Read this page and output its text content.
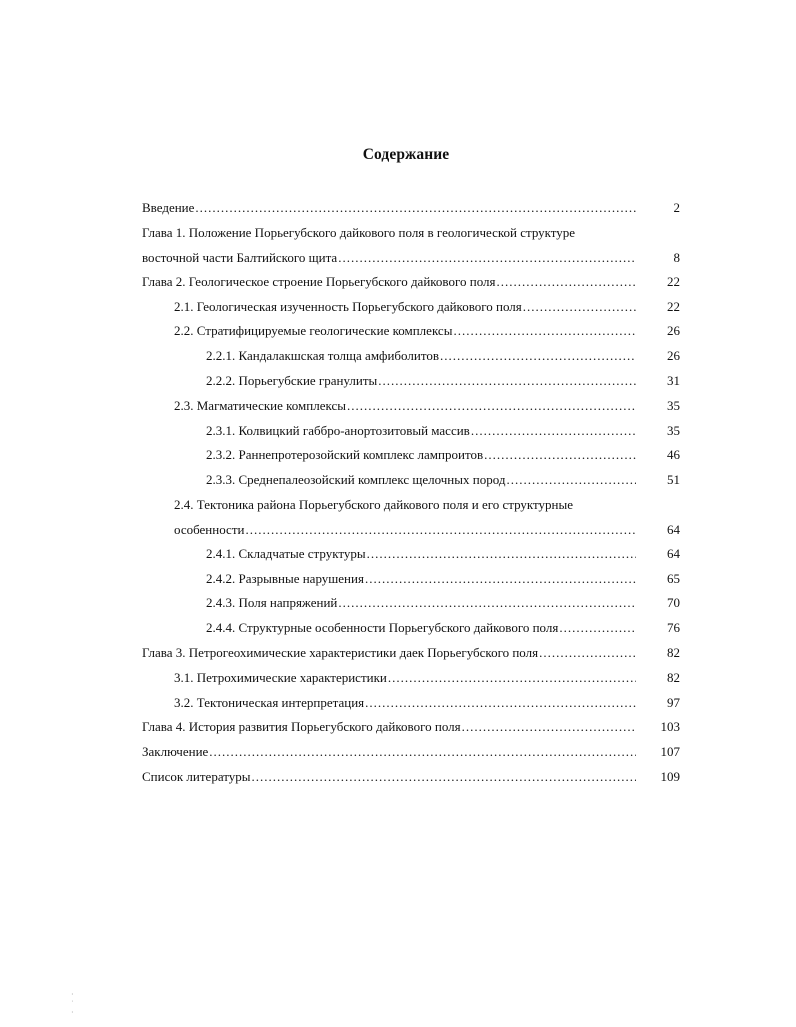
Содержание
Введение .....	2
Глава 1. Положение Порьегубского дайкового поля в геологической структуре
восточной части Балтийского щита .....	8
Глава 2. Геологическое строение Порьегубского дайкового поля .....	22
2.1. Геологическая изученность Порьегубского дайкового поля .....	22
2.2. Стратифицируемые геологические комплексы .....	26
2.2.1. Кандалакшская толща амфиболитов .....	26
2.2.2. Порьегубские гранулиты .....	31
2.3. Магматические комплексы .....	35
2.3.1. Колвицкий габбро-анортозитовый массив .....	35
2.3.2. Раннепротерозойский комплекс лампроитов .....	46
2.3.3. Среднепалеозойский комплекс щелочных пород .....	51
2.4. Тектоника района Порьегубского дайкового поля и его структурные
особенности .....	64
2.4.1. Складчатые структуры .....	64
2.4.2. Разрывные нарушения .....	65
2.4.3. Поля напряжений .....	70
2.4.4. Структурные особенности Порьегубского дайкового поля .....	76
Глава 3. Петрогеохимические характеристики даек Порьегубского поля .....	82
3.1. Петрохимические характеристики .....	82
3.2. Тектоническая интерпретация .....	97
Глава 4. История развития Порьегубского дайкового поля .....	103
Заключение .....	107
Список литературы .....	109
·
˙
·
